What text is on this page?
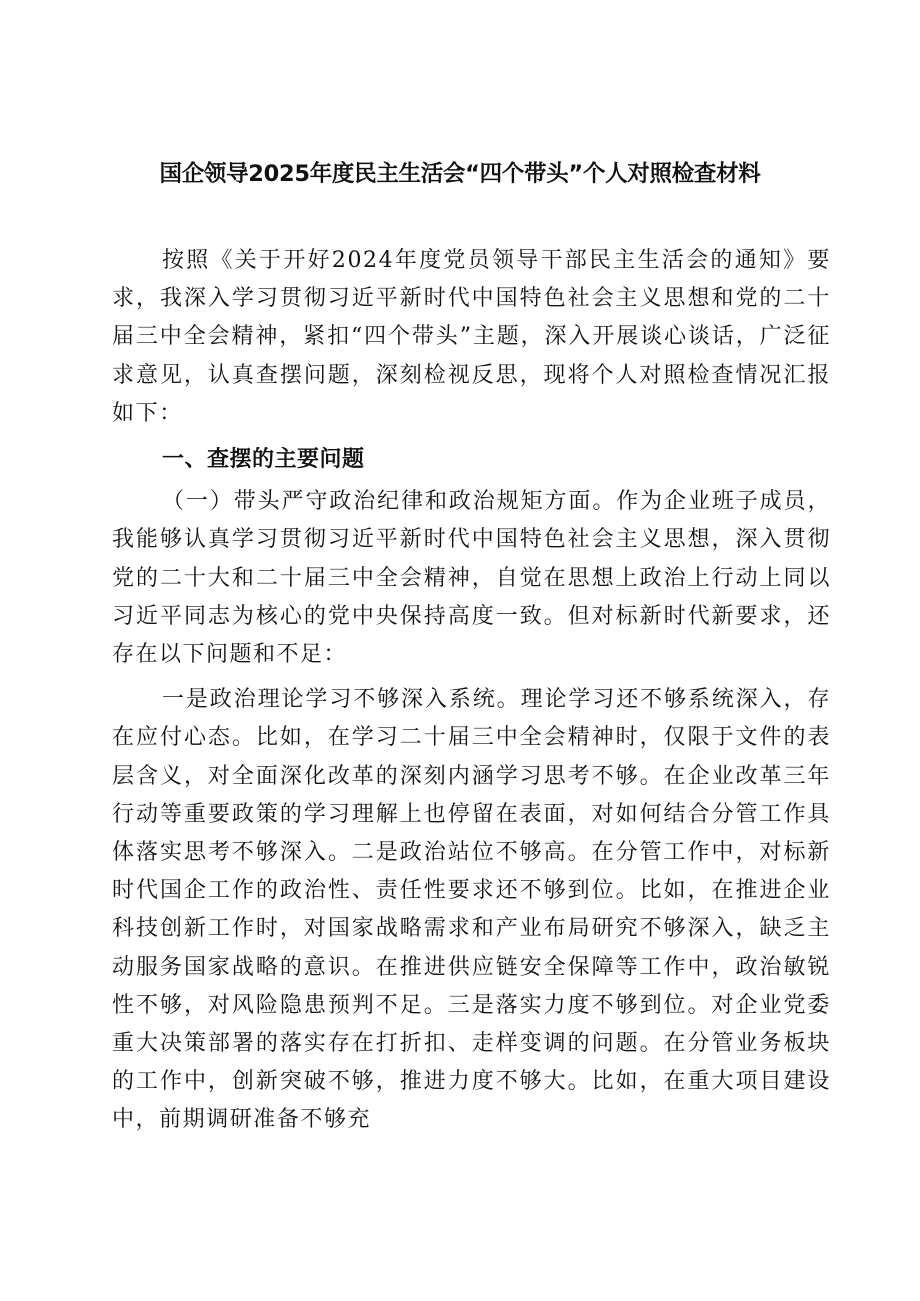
国企领导2025年度民主生活会“四个带头”个人对照检查材料

按照《关于开好2024年度党员领导干部民主生活会的通知》要求，我深入学习贯彻习近平新时代中国特色社会主义思想和党的二十届三中全会精神，紧扣“四个带头”主题，深入开展谈心谈话，广泛征求意见，认真查摆问题，深刻检视反思，现将个人对照检查情况汇报如下：

一、查摆的主要问题

（一）带头严守政治纪律和政治规矩方面。作为企业班子成员，我能够认真学习贯彻习近平新时代中国特色社会主义思想，深入贯彻党的二十大和二十届三中全会精神，自觉在思想上政治上行动上同以习近平同志为核心的党中央保持高度一致。但对标新时代新要求，还存在以下问题和不足：

一是政治理论学习不够深入系统。理论学习还不够系统深入，存在应付心态。比如，在学习二十届三中全会精神时，仅限于文件的表层含义，对全面深化改革的深刻内涵学习思考不够。在企业改革三年行动等重要政策的学习理解上也停留在表面，对如何结合分管工作具体落实思考不够深入。二是政治站位不够高。在分管工作中，对标新时代国企工作的政治性、责任性要求还不够到位。比如，在推进企业科技创新工作时，对国家战略需求和产业布局研究不够深入，缺乏主动服务国家战略的意识。在推进供应链安全保障等工作中，政治敏锐性不够，对风险隐患预判不足。三是落实力度不够到位。对企业党委重大决策部署的落实存在打折扣、走样变调的问题。在分管业务板块的工作中，创新突破不够，推进力度不够大。比如，在重大项目建设中，前期调研准备不够充
